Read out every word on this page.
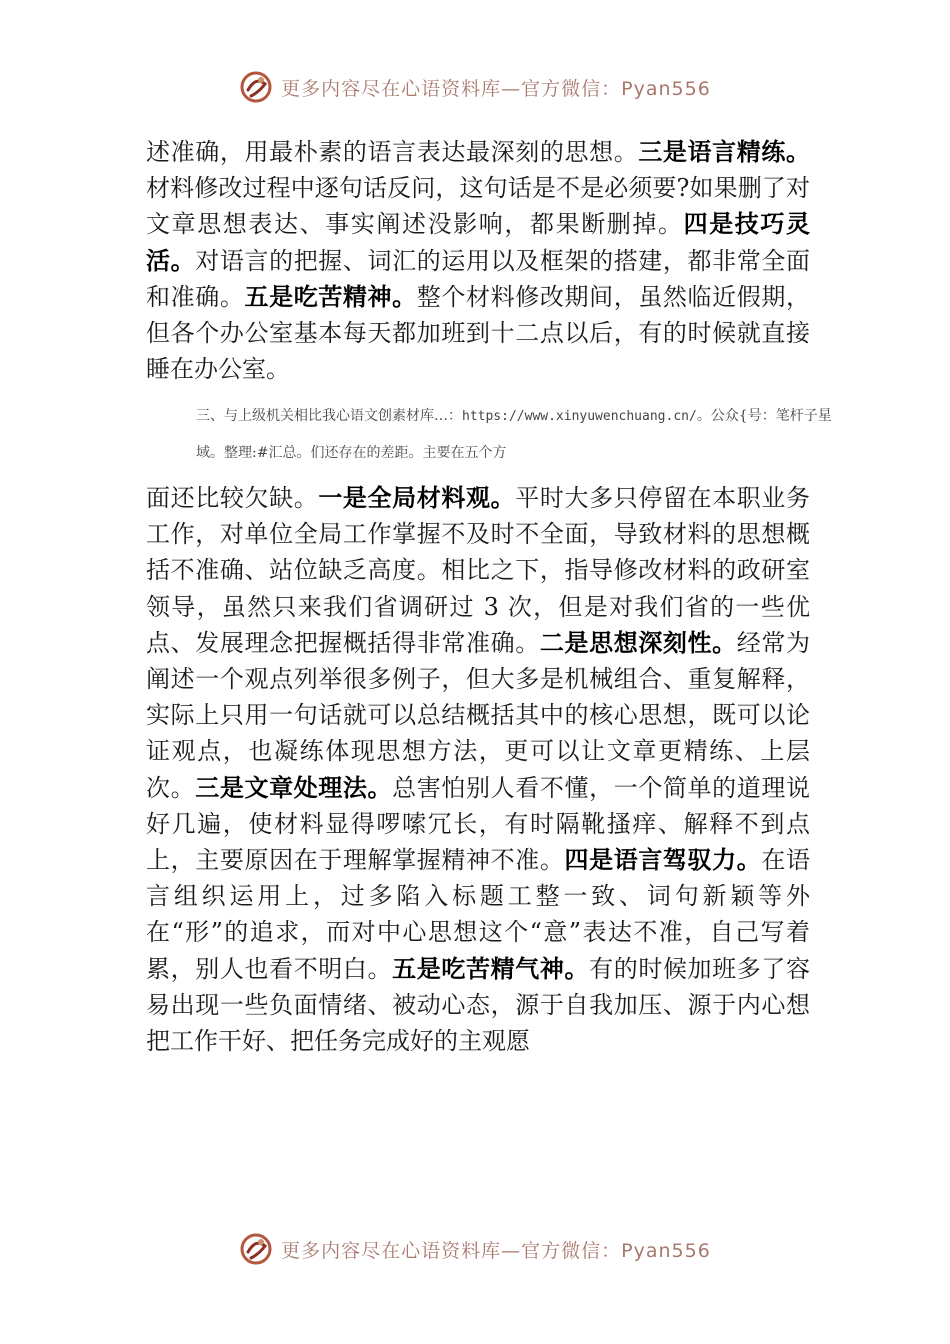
更多内容尽在心语资料库—官方微信：Pyan556

述准确，用最朴素的语言表达最深刻的思想。三是语言精练。材料修改过程中逐句话反问，这句话是不是必须要?如果删了对文章思想表达、事实阐述没影响，都果断删掉。四是技巧灵活。对语言的把握、词汇的运用以及框架的搭建，都非常全面和准确。五是吃苦精神。整个材料修改期间，虽然临近假期，但各个办公室基本每天都加班到十二点以后，有的时候就直接睡在办公室。

三、与上级机关相比我心语文创素材库…：https://www.xinyuwenchuang.cn/。公众{号：笔杆子星域。整理:#汇总。们还存在的差距。主要在五个方

面还比较欠缺。一是全局材料观。平时大多只停留在本职业务工作，对单位全局工作掌握不及时不全面，导致材料的思想概括不准确、站位缺乏高度。相比之下，指导修改材料的政研室领导，虽然只来我们省调研过 3 次，但是对我们省的一些优点、发展理念把握概括得非常准确。二是思想深刻性。经常为阐述一个观点列举很多例子，但大多是机械组合、重复解释，实际上只用一句话就可以总结概括其中的核心思想，既可以论证观点，也凝练体现思想方法，更可以让文章更精练、上层次。三是文章处理法。总害怕别人看不懂，一个简单的道理说好几遍，使材料显得啰嗦冗长，有时隔靴搔痒、解释不到点上，主要原因在于理解掌握精神不准。四是语言驾驭力。在语言组织运用上，过多陷入标题工整一致、词句新颖等外在“形”的追求，而对中心思想这个“意”表达不准，自己写着累，别人也看不明白。五是吃苦精气神。有的时候加班多了容易出现一些负面情绪、被动心态，源于自我加压、源于内心想把工作干好、把任务完成好的主观愿

更多内容尽在心语资料库—官方微信：Pyan556
